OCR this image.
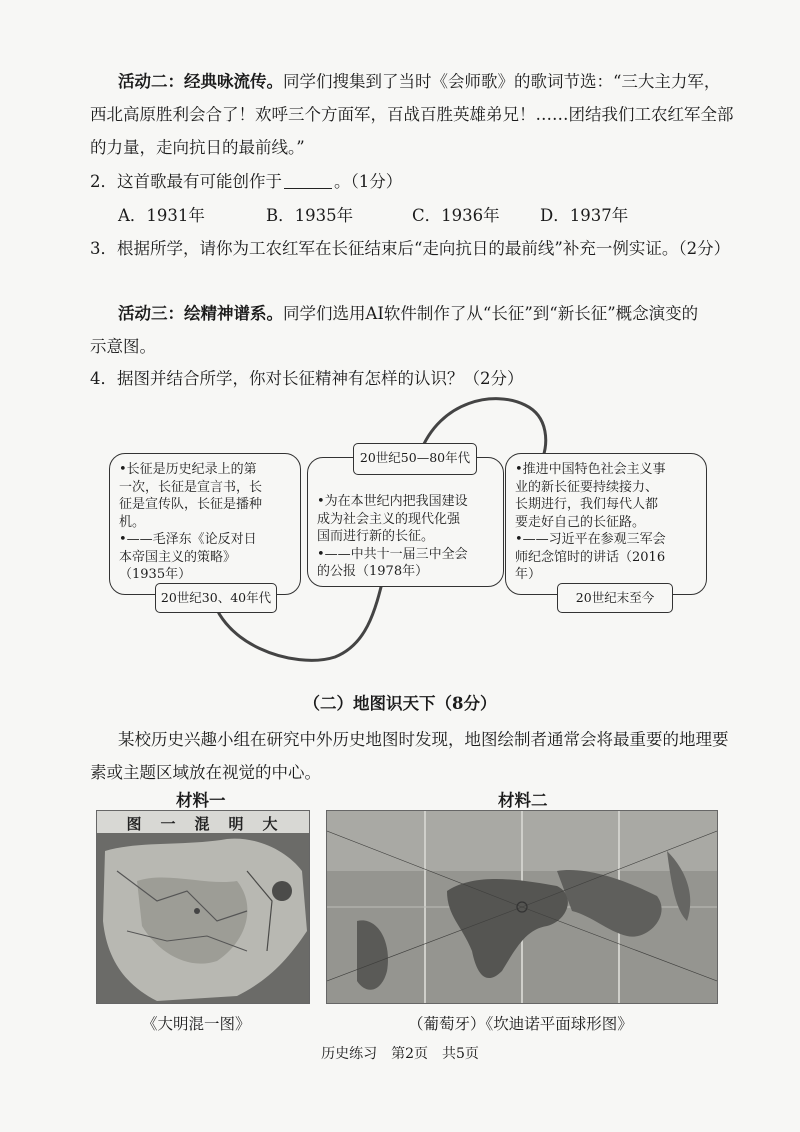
活动二：经典咏流传。同学们搜集到了当时《会师歌》的歌词节选：“三大主力军，
西北高原胜利会合了！欢呼三个方面军，百战百胜英雄弟兄！……团结我们工农红军全部
的力量，走向抗日的最前线。”
2．这首歌最有可能创作于	。（1分）
A．1931年	B．1935年	C．1936年 D．1937年
3．根据所学，请你为工农红军在长征结束后“走向抗日的最前线”补充一例实证。（2分）
活动三：绘精神谱系。同学们选用AI软件制作了从“长征”到“新长征”概念演变的
示意图。
4．据图并结合所学，你对长征精神有怎样的认识？（2分）
•长征是历史纪录上的第
一次，长征是宣言书，长
征是宣传队，长征是播种
机。
•——毛泽东《论反对日
本帝国主义的策略》
（1935年）
20世纪30、40年代
20世纪50—80年代
•为在本世纪内把我国建设
成为社会主义的现代化强
国而进行新的长征。
•——中共十一届三中全会
的公报（1978年）
•推进中国特色社会主义事
业的新长征要持续接力、
长期进行，我们每代人都
要走好自己的长征路。
•——习近平在参观三军会
师纪念馆时的讲话（2016
年）
20世纪末至今
（二）地图识天下（8分）
某校历史兴趣小组在研究中外历史地图时发现，地图绘制者通常会将最重要的地理要
素或主题区域放在视觉的中心。
材料一	材料二
图　一　混　明　大
《大明混一图》	（葡萄牙）《坎迪诺平面球形图》
历史练习　第2页　共5页
